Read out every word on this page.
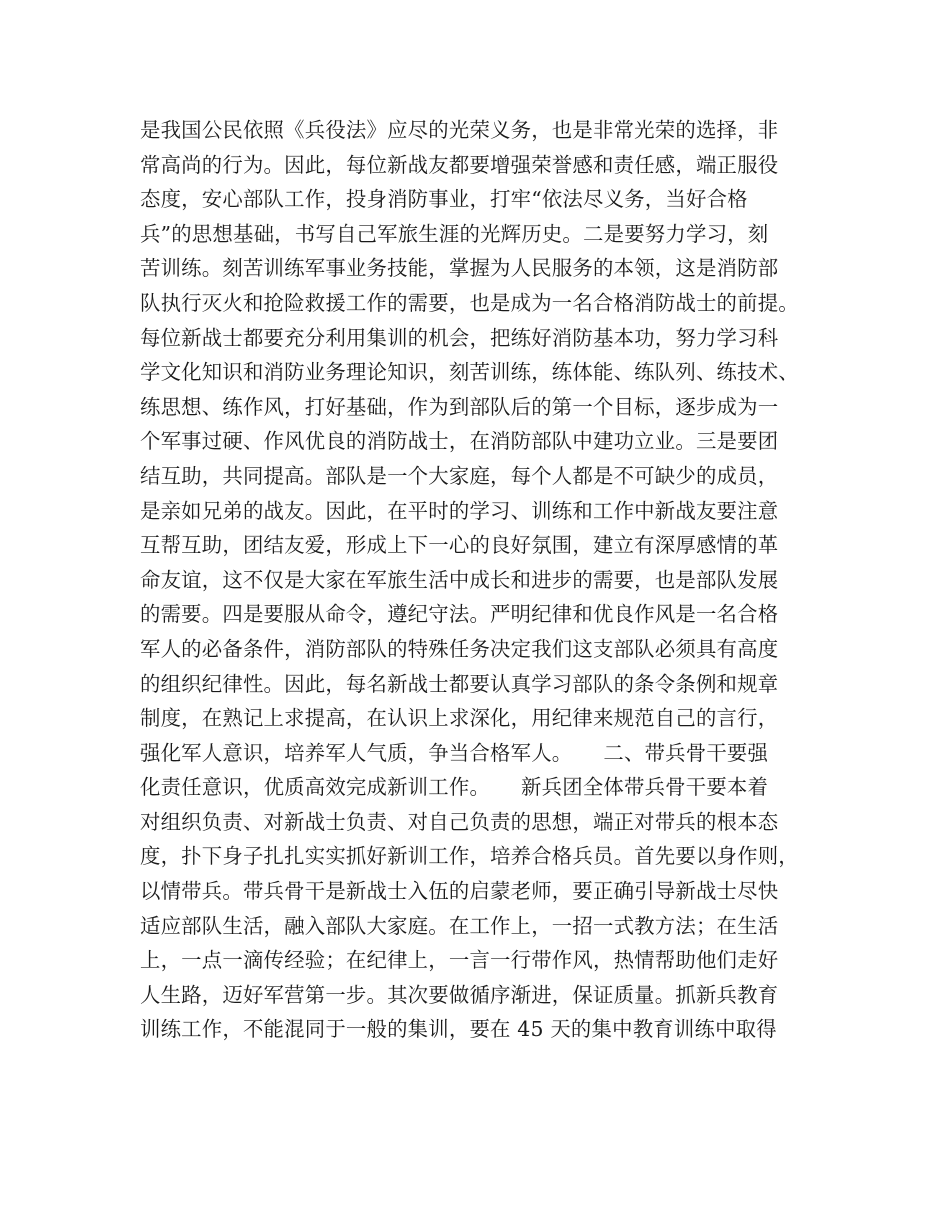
是我国公民依照《兵役法》应尽的光荣义务，也是非常光荣的选择，非
常高尚的行为。因此，每位新战友都要增强荣誉感和责任感，端正服役
态度，安心部队工作，投身消防事业，打牢“依法尽义务，当好合格
兵”的思想基础，书写自己军旅生涯的光辉历史。二是要努力学习，刻
苦训练。刻苦训练军事业务技能，掌握为人民服务的本领，这是消防部
队执行灭火和抢险救援工作的需要，也是成为一名合格消防战士的前提。
每位新战士都要充分利用集训的机会，把练好消防基本功，努力学习科
学文化知识和消防业务理论知识，刻苦训练，练体能、练队列、练技术、
练思想、练作风，打好基础，作为到部队后的第一个目标，逐步成为一
个军事过硬、作风优良的消防战士，在消防部队中建功立业。三是要团
结互助，共同提高。部队是一个大家庭，每个人都是不可缺少的成员，
是亲如兄弟的战友。因此，在平时的学习、训练和工作中新战友要注意
互帮互助，团结友爱，形成上下一心的良好氛围，建立有深厚感情的革
命友谊，这不仅是大家在军旅生活中成长和进步的需要，也是部队发展
的需要。四是要服从命令，遵纪守法。严明纪律和优良作风是一名合格
军人的必备条件，消防部队的特殊任务决定我们这支部队必须具有高度
的组织纪律性。因此，每名新战士都要认真学习部队的条令条例和规章
制度，在熟记上求提高，在认识上求深化，用纪律来规范自己的言行，
强化军人意识，培养军人气质，争当合格军人。　　二、带兵骨干要强
化责任意识，优质高效完成新训工作。　　新兵团全体带兵骨干要本着
对组织负责、对新战士负责、对自己负责的思想，端正对带兵的根本态
度，扑下身子扎扎实实抓好新训工作，培养合格兵员。首先要以身作则，
以情带兵。带兵骨干是新战士入伍的启蒙老师，要正确引导新战士尽快
适应部队生活，融入部队大家庭。在工作上，一招一式教方法；在生活
上，一点一滴传经验；在纪律上，一言一行带作风，热情帮助他们走好
人生路，迈好军营第一步。其次要做循序渐进，保证质量。抓新兵教育
训练工作，不能混同于一般的集训，要在 45 天的集中教育训练中取得
